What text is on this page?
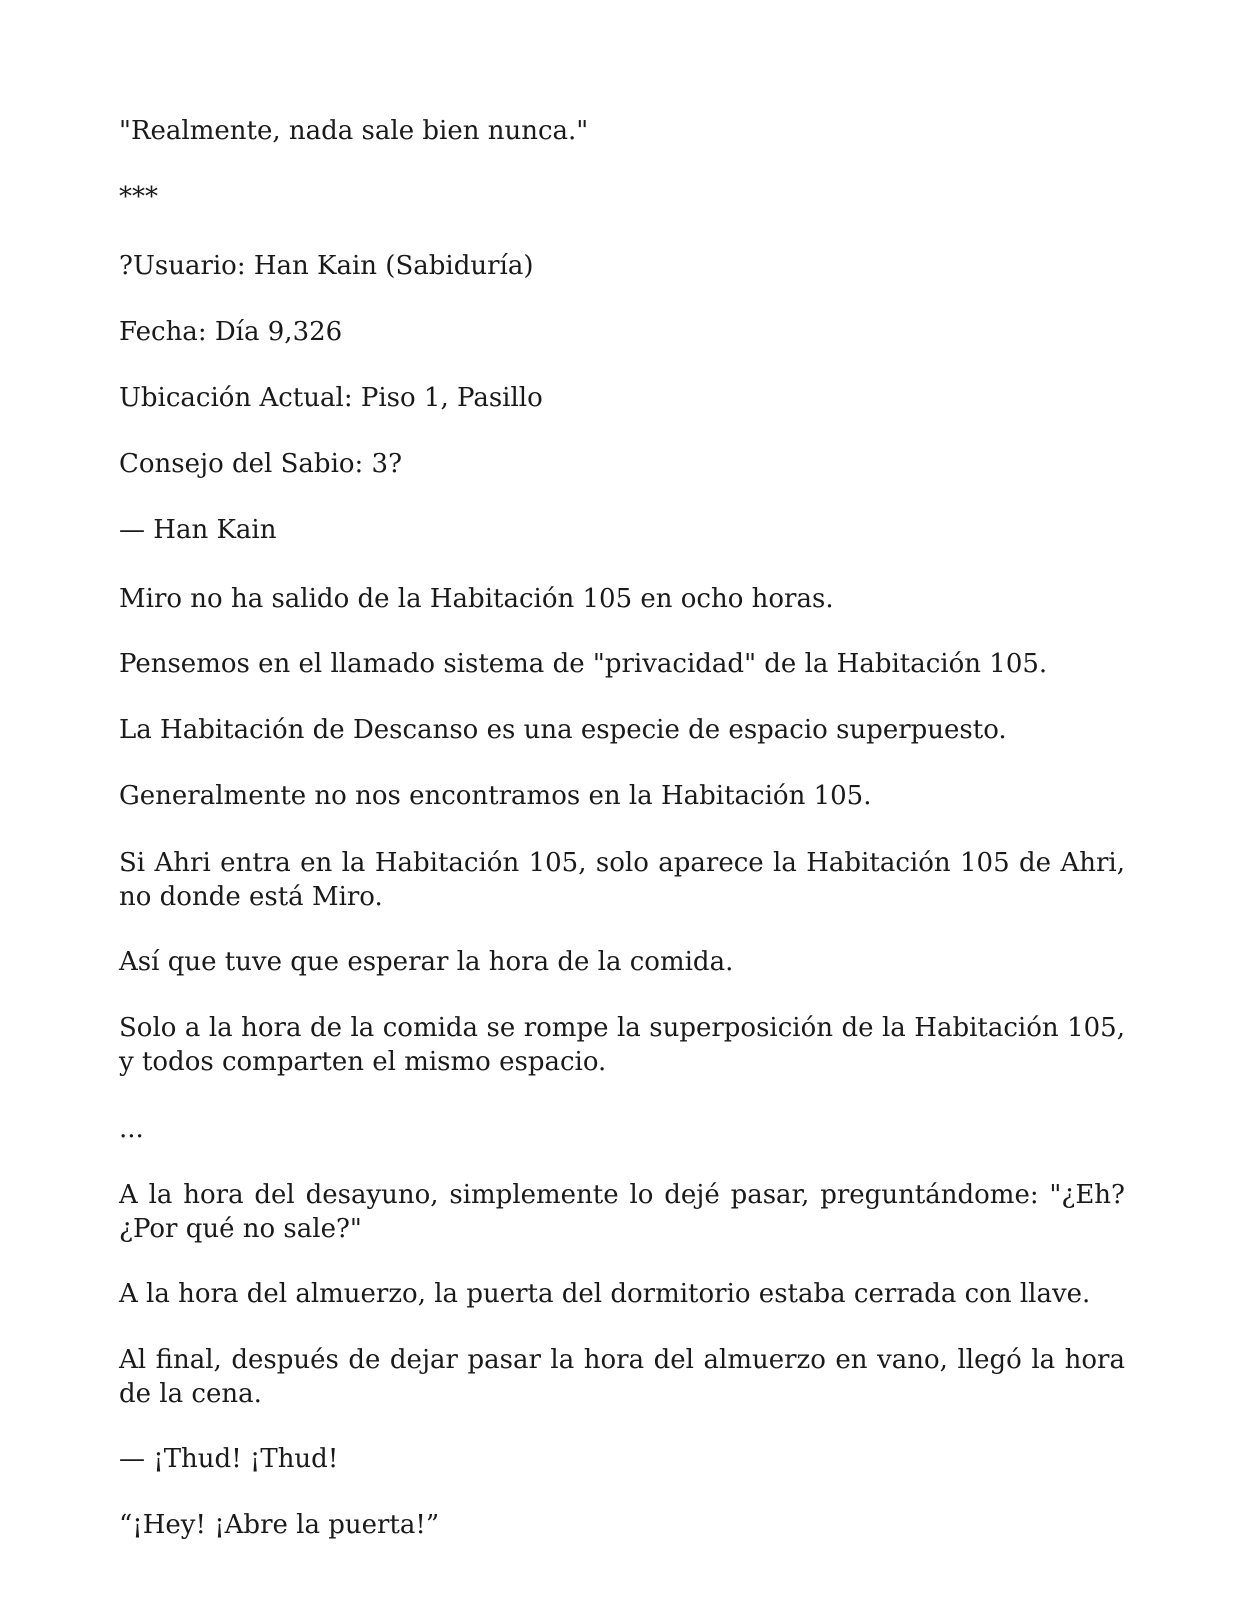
"Realmente, nada sale bien nunca."

***

?Usuario: Han Kain (Sabiduría)

Fecha: Día 9,326

Ubicación Actual: Piso 1, Pasillo

Consejo del Sabio: 3?

— Han Kain

Miro no ha salido de la Habitación 105 en ocho horas.

Pensemos en el llamado sistema de "privacidad" de la Habitación 105.

La Habitación de Descanso es una especie de espacio superpuesto.

Generalmente no nos encontramos en la Habitación 105.

Si Ahri entra en la Habitación 105, solo aparece la Habitación 105 de Ahri, no donde está Miro.

Así que tuve que esperar la hora de la comida.

Solo a la hora de la comida se rompe la superposición de la Habitación 105, y todos comparten el mismo espacio.

...

A la hora del desayuno, simplemente lo dejé pasar, preguntándome: "¿Eh? ¿Por qué no sale?"

A la hora del almuerzo, la puerta del dormitorio estaba cerrada con llave.

Al final, después de dejar pasar la hora del almuerzo en vano, llegó la hora de la cena.

— ¡Thud! ¡Thud!

“¡Hey! ¡Abre la puerta!”
